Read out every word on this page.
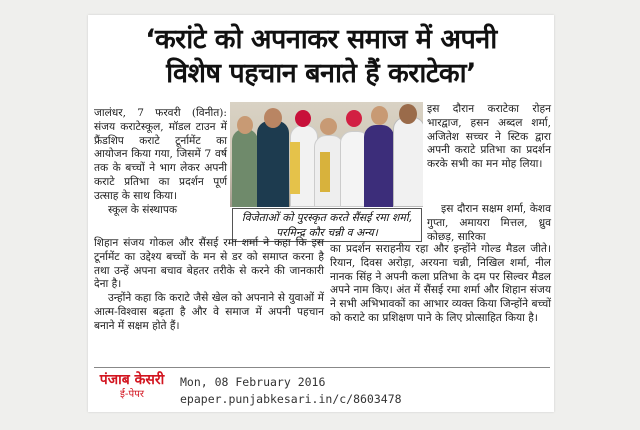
‘करांटे को अपनाकर समाज में अपनी
विशेष पहचान बनाते हैं कराटेका’

जालंधर, 7 फरवरी (विनीत): संजय कराटेस्कूल, मॉडल टाउन में फ्रैंडशिप कराटे टूर्नामेंट का आयोजन किया गया, जिसमें 7 वर्ष तक के बच्चों ने भाग लेकर अपनी कराटे प्रतिभा का प्रदर्शन पूर्ण उत्साह के साथ किया।

स्कूल के संस्थापक

विजेताओं को पुरस्कृत करते सैंसई रमा शर्मा, परमिन्द्र कौर चन्नी व अन्य।

इस दौरान कराटेका रोहन भारद्वाज, हसन अब्दल शर्मा, अजितेश सच्चर ने स्टिक द्वारा अपनी कराटे प्रतिभा का प्रदर्शन करके सभी का मन मोह लिया।

इस दौरान सक्षम शर्मा, केशव गुप्ता, अमायरा मित्तल, ध्रुव कोछड़, सारिका

शिहान संजय गोकल और सैंसई रमा शर्मा ने कहा कि इस टूर्नामेंट का उद्देश्य बच्चों के मन से डर को समाप्त करना है तथा उन्हें अपना बचाव बेहतर तरीके से करने की जानकारी देना है।

उन्होंने कहा कि कराटे जैसे खेल को अपनाने से युवाओं में आत्म-विश्वास बढ़ता है और वे समाज में अपनी पहचान बनाने में सक्षम होते हैं।

का प्रदर्शन सराहनीय रहा और इन्होंने गोल्ड मैडल जीते। रियान, दिवस अरोड़ा, अरयना चन्नी, निखिल शर्मा, नील नानक सिंह ने अपनी कला प्रतिभा के दम पर सिल्वर मैडल अपने नाम किए। अंत में सैंसई रमा शर्मा और शिहान संजय ने सभी अभिभावकों का आभार व्यक्त किया जिन्होंने बच्चों को कराटे का प्रशिक्षण पाने के लिए प्रोत्साहित किया है।

पंजाब केसरी
ई-पेपर
Mon, 08 February 2016
epaper.punjabkesari.in/c/8603478
